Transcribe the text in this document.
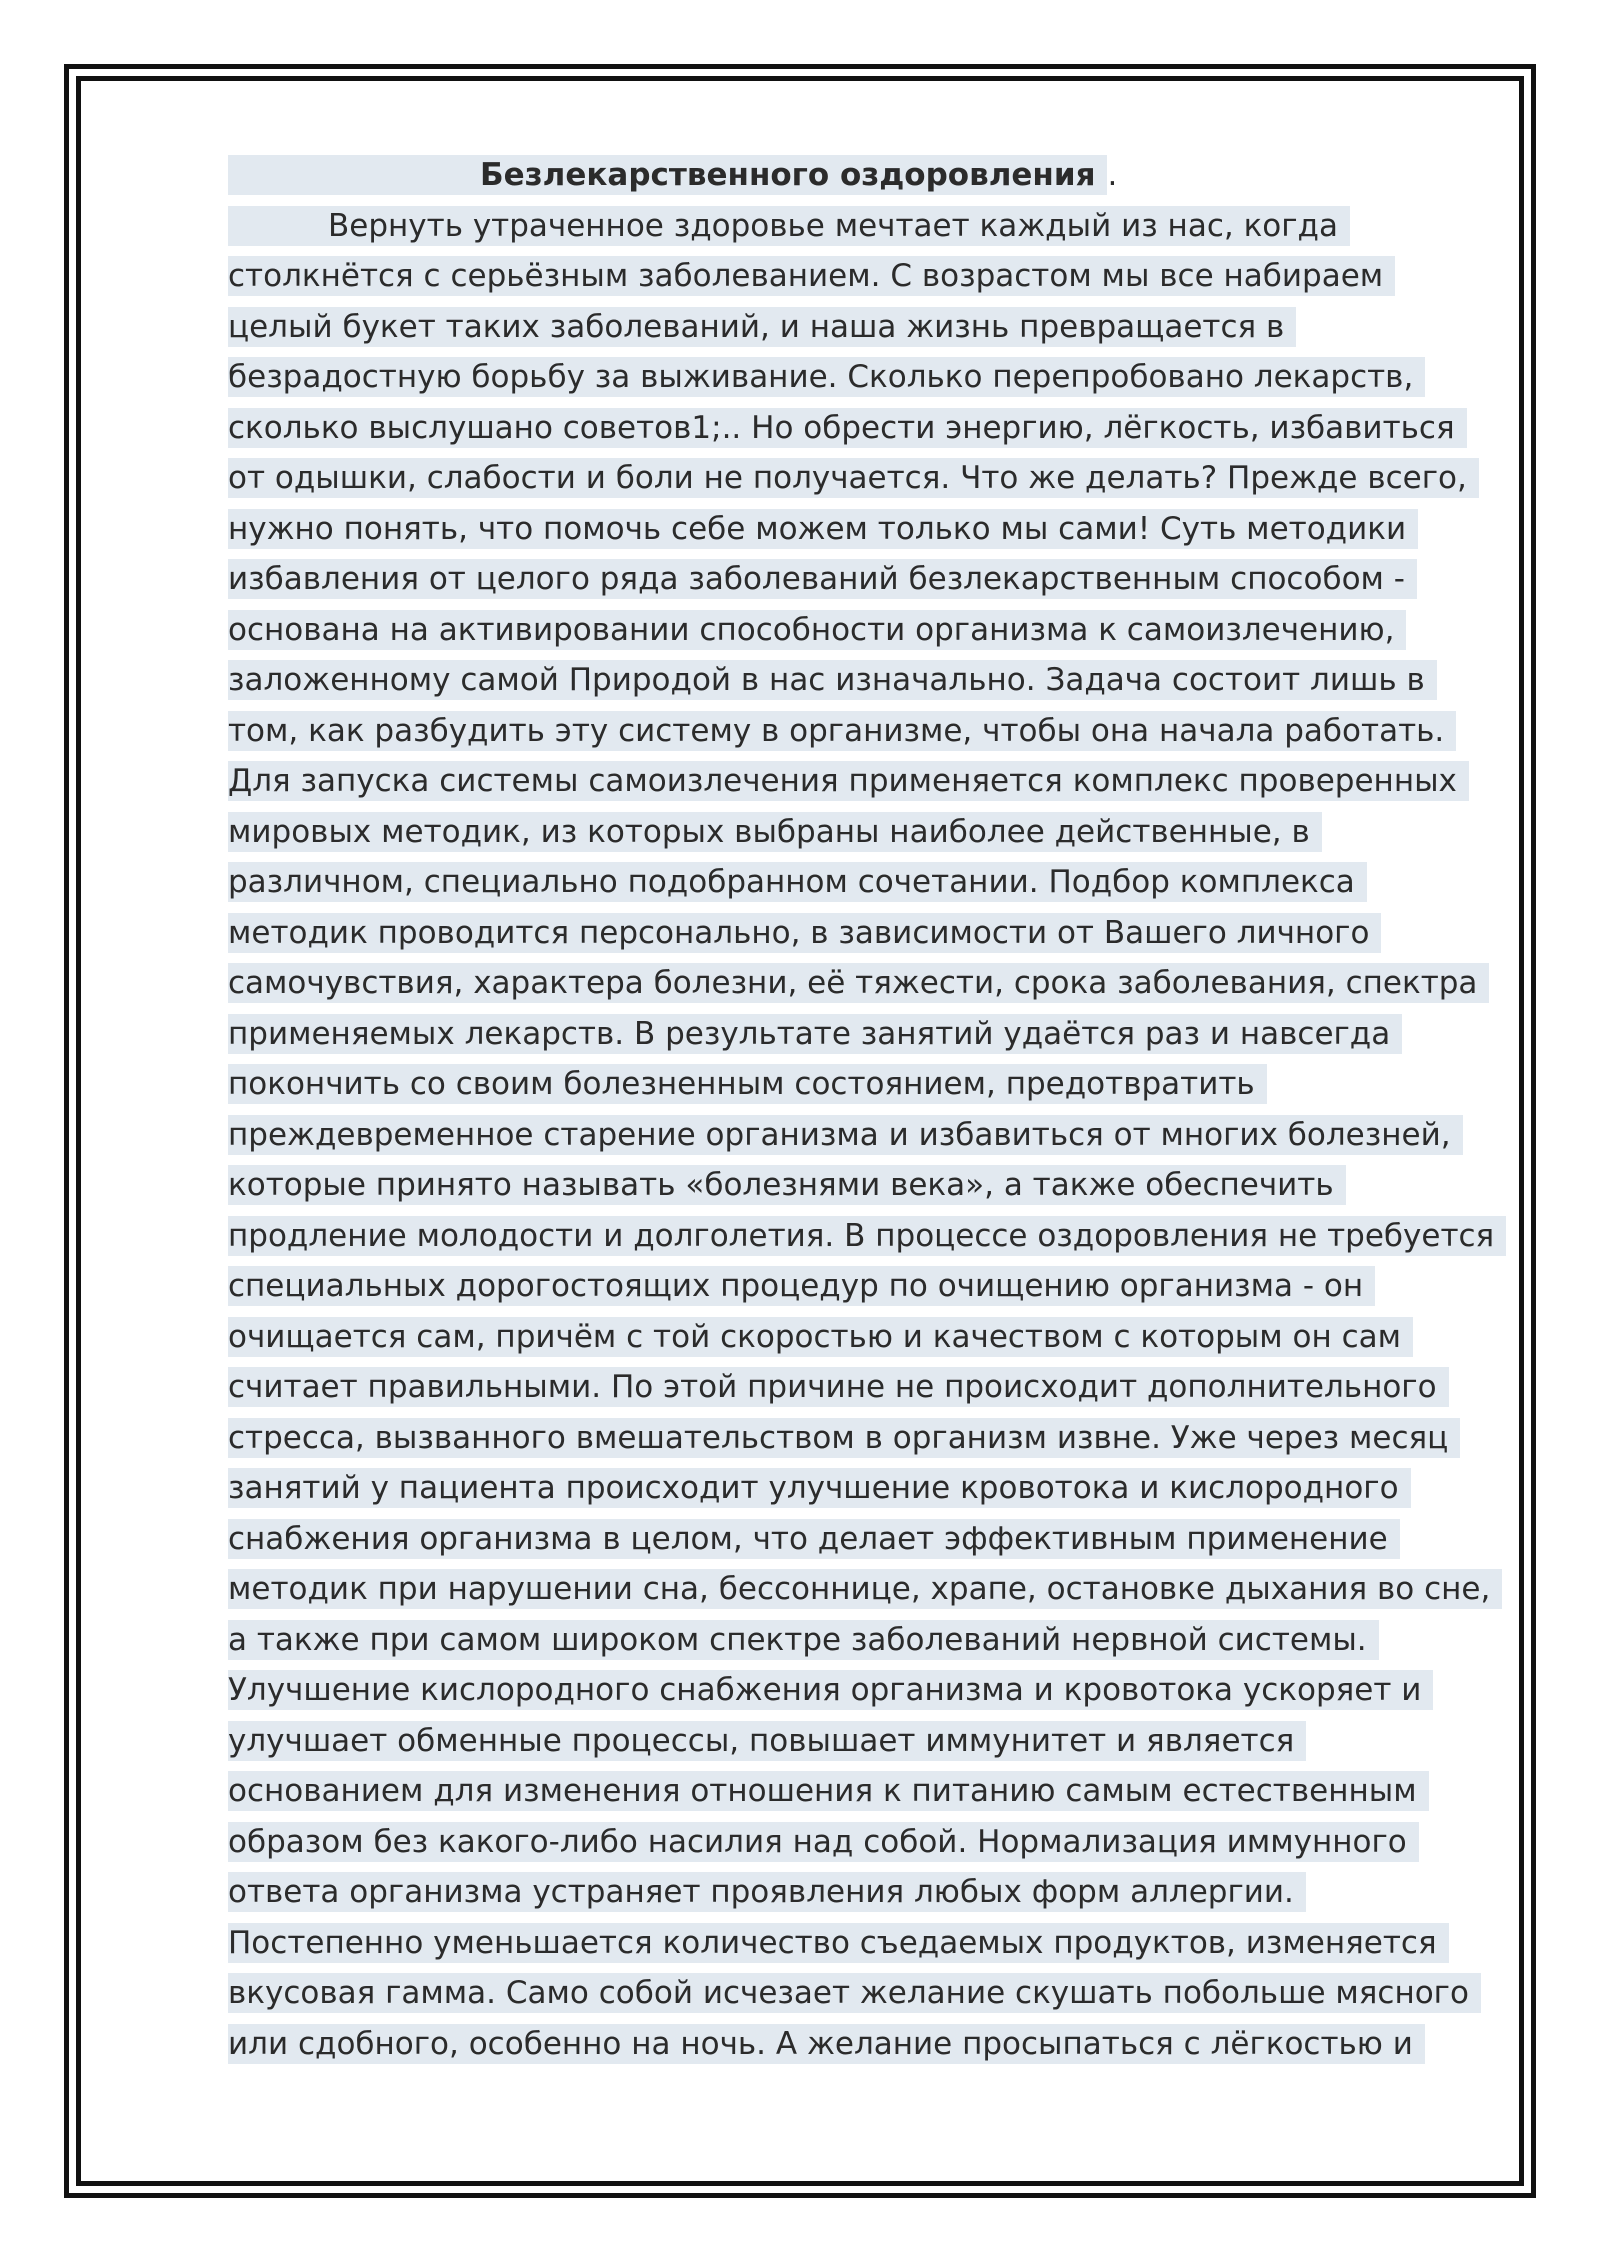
Безлекарственного оздоровления .
Вернуть утраченное здоровье мечтает каждый из нас, когда
столкнётся с серьёзным заболеванием. С возрастом мы все набираем
целый букет таких заболеваний, и наша жизнь превращается в
безрадостную борьбу за выживание. Сколько перепробовано лекарств,
сколько выслушано советов1;.. Но обрести энергию, лёгкость, избавиться
от одышки, слабости и боли не получается. Что же делать? Прежде всего,
нужно понять, что помочь себе можем только мы сами! Суть методики
избавления от целого ряда заболеваний безлекарственным способом -
основана на активировании способности организма к самоизлечению,
заложенному самой Природой в нас изначально. Задача состоит лишь в
том, как разбудить эту систему в организме, чтобы она начала работать.
Для запуска системы самоизлечения применяется комплекс проверенных
мировых методик, из которых выбраны наиболее действенные, в
различном, специально подобранном сочетании. Подбор комплекса
методик проводится персонально, в зависимости от Вашего личного
самочувствия, характера болезни, её тяжести, срока заболевания, спектра
применяемых лекарств. В результате занятий удаётся раз и навсегда
покончить со своим болезненным состоянием, предотвратить
преждевременное старение организма и избавиться от многих болезней,
которые принято называть «болезнями века», а также обеспечить
продление молодости и долголетия. В процессе оздоровления не требуется
специальных дорогостоящих процедур по очищению организма - он
очищается сам, причём с той скоростью и качеством с которым он сам
считает правильными. По этой причине не происходит дополнительного
стресса, вызванного вмешательством в организм извне. Уже через месяц
занятий у пациента происходит улучшение кровотока и кислородного
снабжения организма в целом, что делает эффективным применение
методик при нарушении сна, бессоннице, храпе, остановке дыхания во сне,
а также при самом широком спектре заболеваний нервной системы.
Улучшение кислородного снабжения организма и кровотока ускоряет и
улучшает обменные процессы, повышает иммунитет и является
основанием для изменения отношения к питанию самым естественным
образом без какого-либо насилия над собой. Нормализация иммунного
ответа организма устраняет проявления любых форм аллергии.
Постепенно уменьшается количество съедаемых продуктов, изменяется
вкусовая гамма. Само собой исчезает желание скушать побольше мясного
или сдобного, особенно на ночь. А желание просыпаться с лёгкостью и
